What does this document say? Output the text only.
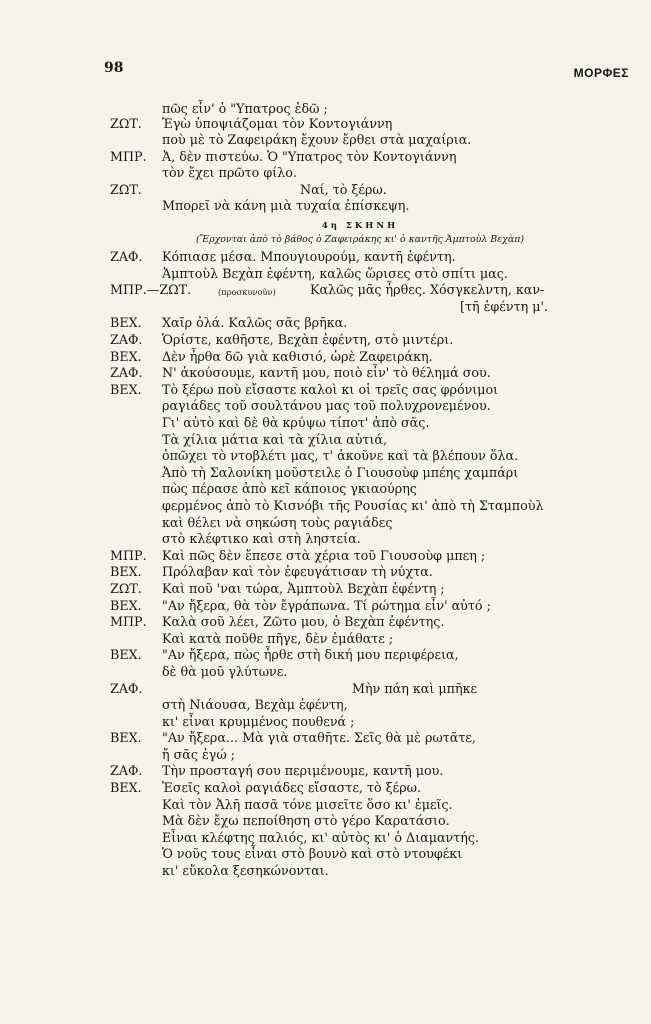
98	ΜΟΡΦΕΣ
πῶς εἶν' ὁ "Υπατρος ἐδῶ ;
ΖΩΤ.	Ἐγὼ ὑποψιάζομαι τὸν Κοντογιάννη
ποὺ μὲ τὸ Ζαφειράκη ἔχουν ἔρθει στὰ μαχαίρια.
ΜΠΡ.	Ἀ, δὲν πιστεύω. Ὁ "Υπατρος τὸν Κοντογιάννη
τὸν ἔχει πρῶτο φίλο.
ΖΩΤ.	Ναί, τὸ ξέρω.
Μπορεῖ νὰ κάνη μιὰ τυχαία ἐπίσκεψη.
4η ΣΚΗΝΗ
(Ἔρχονται ἀπὸ τὸ βάθος ὁ Ζαφειράκης κι' ὁ καντῆς Ἀμπτοὺλ Βεχὰπ)
ΖΑΦ.	Κόπιασε μέσα. Μπουγιουρούμ, καντῆ ἐφέντη.
Ἀμπτοὺλ Βεχὰπ ἐφέντη, καλῶς ὥρισες στὸ σπίτι μας.
ΜΠΡ.—ΖΩΤ.	(προσκυνοῦν)	Καλῶς μᾶς ἦρθες. Χόσγκελντη, καν-
[τῆ ἐφέντη μ'.
ΒΕΧ.	Χαῖρ ὀλά. Καλῶς σᾶς βρῆκα.
ΖΑΦ.	Ὁρίστε, καθῆστε, Βεχὰπ ἐφέντη, στὸ μιντέρι.
ΒΕΧ.	Δὲν ἦρθα δῶ γιὰ καθισιό, ὡρὲ Ζαφειράκη.
ΖΑΦ.	Ν' ἀκούσουμε, καντῆ μου, ποιὸ εἶν' τὸ θέλημά σου.
ΒΕΧ.	Τὸ ξέρω ποὺ εἴσαστε καλοὶ κι οἱ τρεῖς σας φρόνιμοι
ραγιάδες τοῦ σουλτάνου μας τοῦ πολυχρονεμένου.
Γι' αὐτὸ καὶ δὲ θὰ κρύψω τίποτ' ἀπὸ σᾶς.
Τὰ χίλια μάτια καὶ τὰ χίλια αὐτιά,
ὀπῶχει τὸ ντοβλέτι μας, τ' ἀκοῦνε καὶ τὰ βλέπουν ὅλα.
Ἀπὸ τὴ Σαλονίκη μοῦστειλε ὁ Γιουσοὺφ μπέης χαμπάρι
πὼς πέρασε ἀπὸ κεῖ κάποιος γκιαούρης
φερμένος ἀπὸ τὸ Κισνόβι τῆς Ρουσίας κι' ἀπὸ τὴ Σταμποὺλ
καὶ θέλει νὰ σηκώση τοὺς ραγιάδες
στὸ κλέφτικο καὶ στὴ ληστεία.
ΜΠΡ.	Καὶ πῶς δὲν ἔπεσε στὰ χέρια τοῦ Γιουσοὺφ μπεη ;
ΒΕΧ.	Πρόλαβαν καὶ τὸν ἐφευγάτισαν τὴ νύχτα.
ΖΩΤ.	Καὶ ποῦ 'ναι τώρα, Ἀμπτοὺλ Βεχὰπ ἐφέντη ;
ΒΕΧ.	"Αν ἤξερα, θὰ τὸν ἔγράπωνα. Τί ρώτημα εἶν' αὐτό ;
ΜΠΡ.	Καλὰ σοῦ λέει, Ζῶτο μου, ὁ Βεχὰπ ἐφέντης.
Καὶ κατὰ ποῦθε πῆγε, δὲν ἐμάθατε ;
ΒΕΧ.	"Αν ἤξερα, πὼς ἦρθε στὴ δική μου περιφέρεια,
δὲ θὰ μοῦ γλύτωνε.
ΖΑΦ.	Μὴν πάη καὶ μπῆκε
στὴ Νιάουσα, Βεχὰμ ἐφέντη,
κι' εἶναι κρυμμένος πουθενά ;
ΒΕΧ.	"Αν ἤξερα... Μὰ γιὰ σταθῆτε. Σεῖς θὰ μὲ ρωτᾶτε,
ἤ σᾶς ἐγώ ;
ΖΑΦ.	Τὴν προσταγή σου περιμένουμε, καντῆ μου.
ΒΕΧ.	Ἐσεῖς καλοὶ ραγιάδες εἴσαστε, τὸ ξέρω.
Καὶ τὸν Ἀλῆ πασᾶ τόνε μισεῖτε ὅσο κι' ἐμεῖς.
Μὰ δὲν ἔχω πεποίθηση στὸ γέρο Καρατάσιο.
Εἶναι κλέφτης παλιός, κι' αὐτὸς κι' ὁ Διαμαντής.
Ὁ νοῦς τους εἶναι στὸ βουνὸ καὶ στὸ ντουφέκι
κι' εὔκολα ξεσηκώνονται.
